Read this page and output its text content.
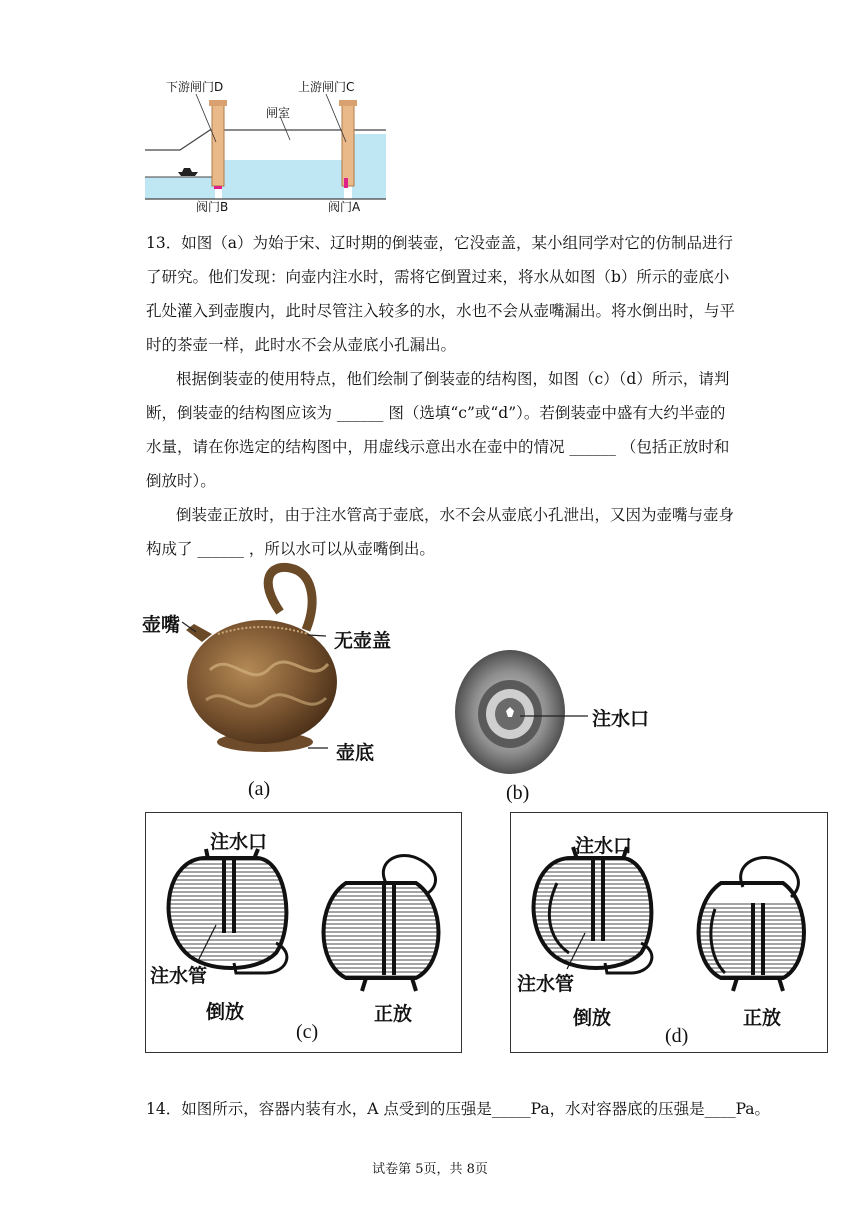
下游闸门D	上游闸门C
闸室
阀门B	阀门A
13．如图（a）为始于宋、辽时期的倒装壶，它没壶盖，某小组同学对它的仿制品进行
了研究。他们发现：向壶内注水时，需将它倒置过来，将水从如图（b）所示的壶底小
孔处灌入到壶腹内，此时尽管注入较多的水，水也不会从壶嘴漏出。将水倒出时，与平
时的茶壶一样，此时水不会从壶底小孔漏出。
根据倒装壶的使用特点，他们绘制了倒装壶的结构图，如图（c）（d）所示，请判
断，倒装壶的结构图应该为 ______ 图（选填“c”或“d”）。若倒装壶中盛有大约半壶的
水量，请在你选定的结构图中，用虚线示意出水在壶中的情况 ______ （包括正放时和
倒放时）。
倒装壶正放时，由于注水管高于壶底，水不会从壶底小孔泄出，又因为壶嘴与壶身
构成了 ______ ，所以水可以从壶嘴倒出。
壶嘴
无壶盖
壶底
(a)
注水口
(b)
注水口
注水管
倒放	正放
(c)
注水口
注水管
倒放	正放
(d)
14．如图所示，容器内装有水，A 点受到的压强是_____Pa，水对容器底的压强是____Pa。
试卷第 5页，共 8页
